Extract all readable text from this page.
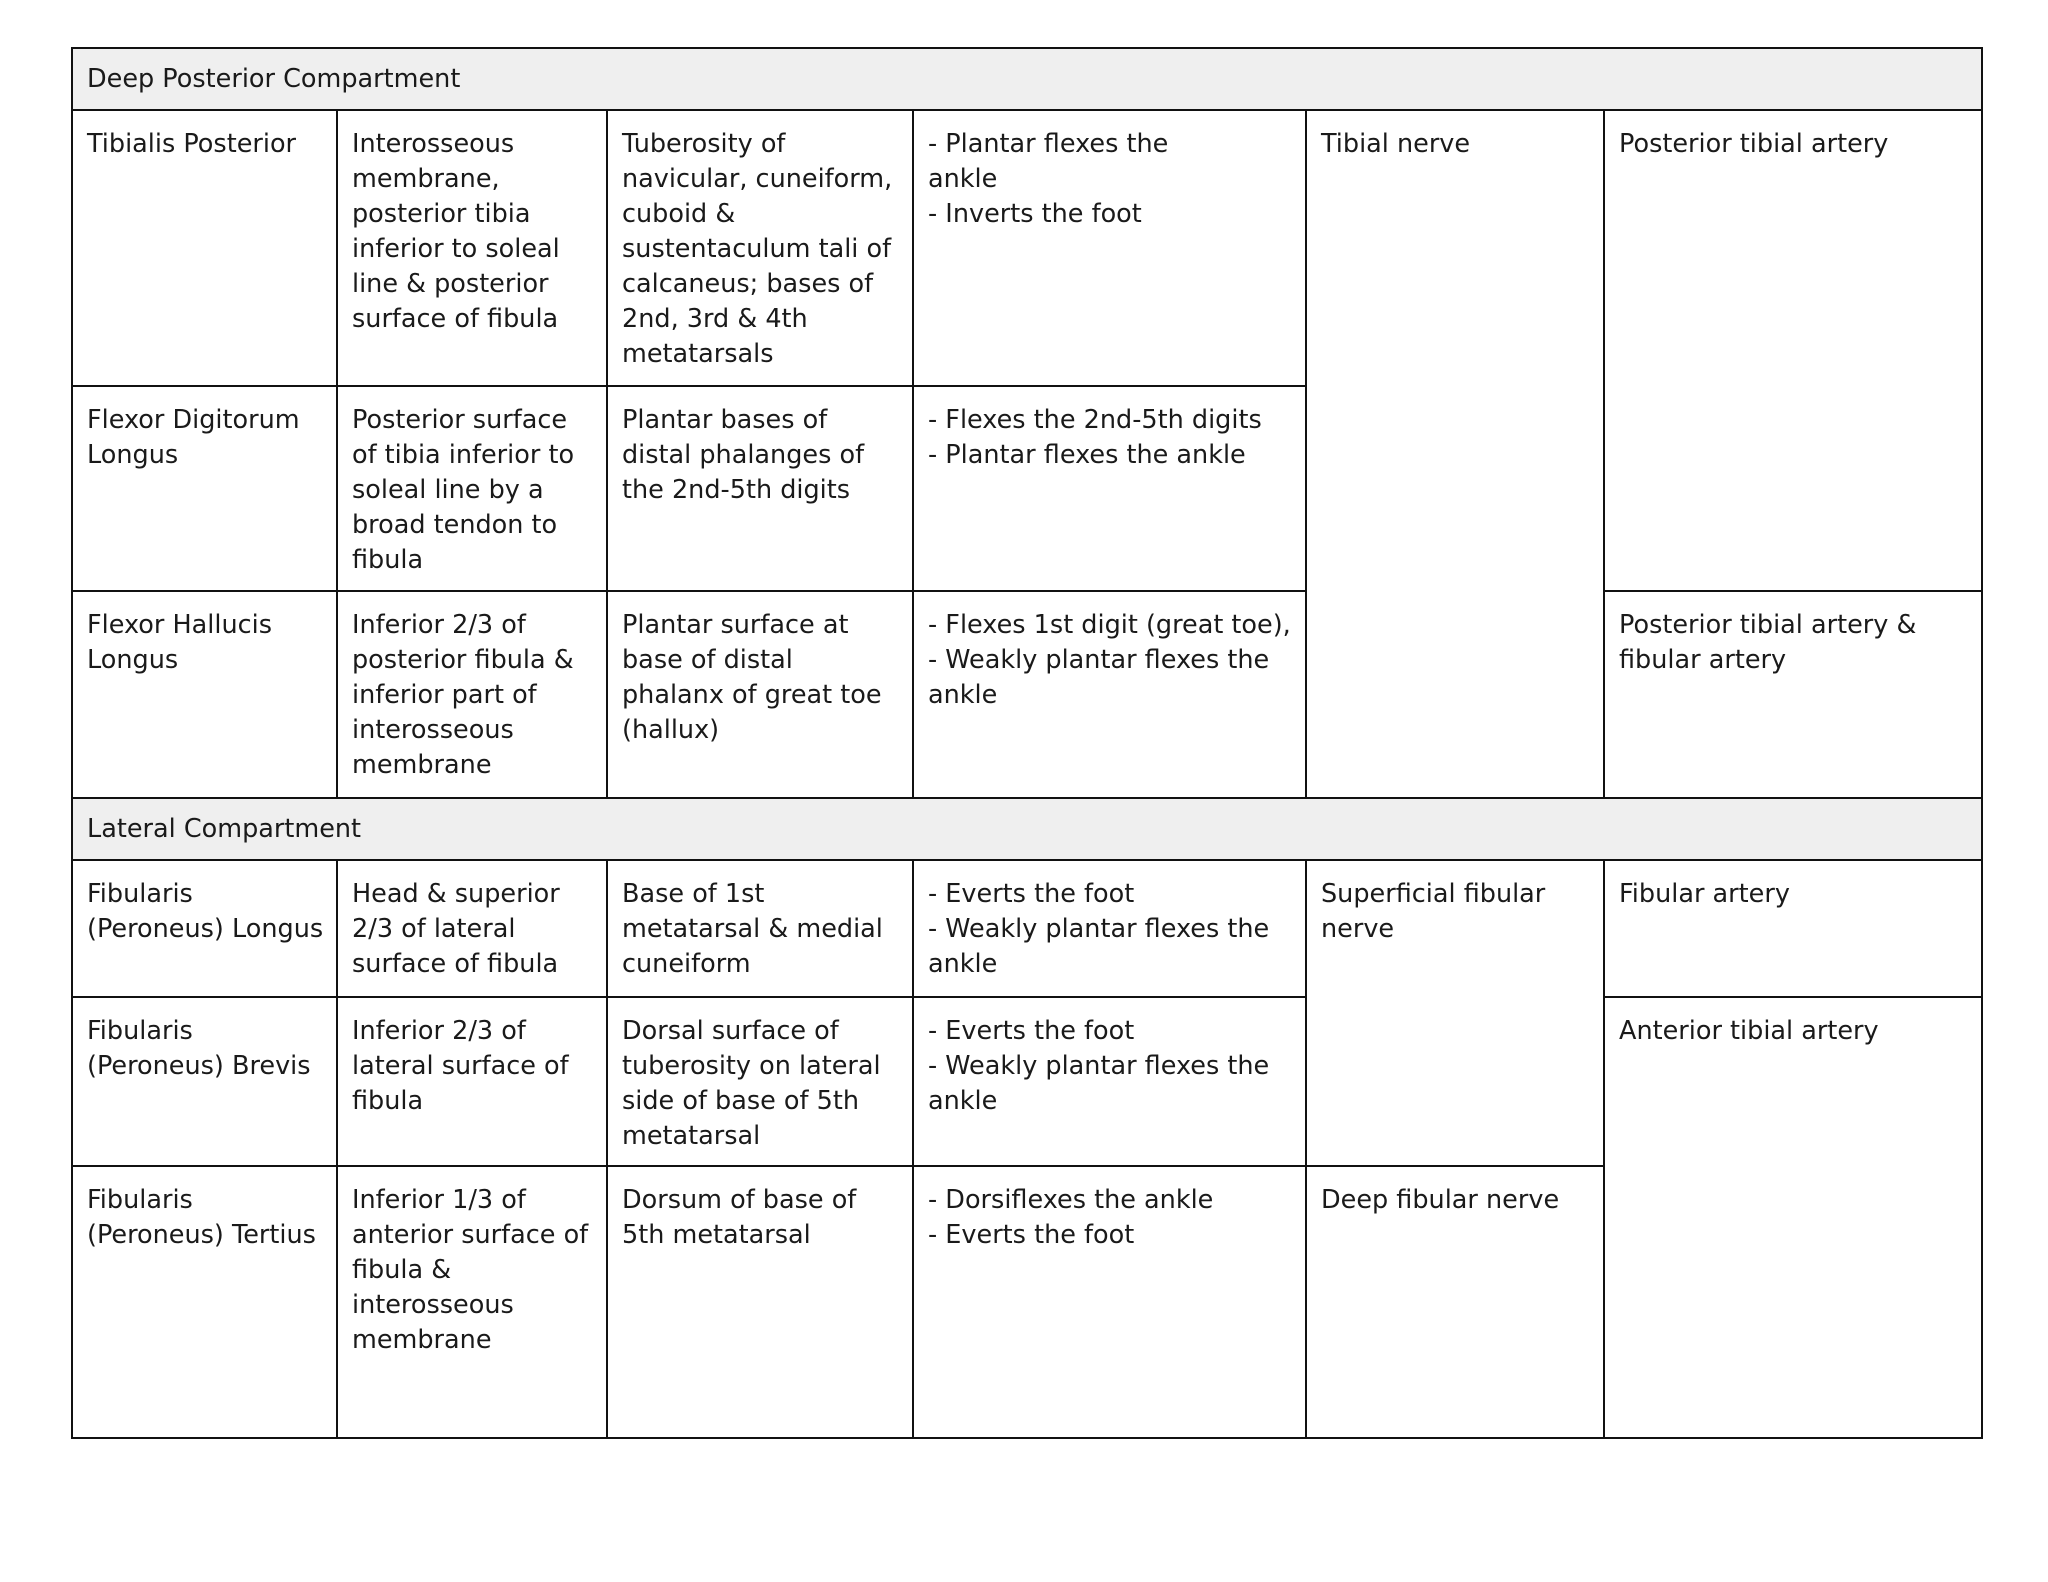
Deep Posterior Compartment					
Tibialis Posterior	Interosseous membrane, posterior tibia inferior to soleal line & posterior surface of fibula	Tuberosity of navicular, cuneiform, cuboid & sustentaculum tali of calcaneus; bases of 2nd, 3rd & 4th metatarsals	- Plantar flexes the
ankle
- Inverts the foot	Tibial nerve	Posterior tibial artery
Flexor Digitorum Longus	Posterior surface of tibia inferior to soleal line by a broad tendon to fibula	Plantar bases of distal phalanges of the 2nd-5th digits	- Flexes the 2nd-5th digits
- Plantar flexes the ankle		
Flexor Hallucis Longus	Inferior 2/3 of posterior fibula & inferior part of interosseous membrane	Plantar surface at base of distal phalanx of great toe (hallux)	- Flexes 1st digit (great toe),
- Weakly plantar flexes the ankle		Posterior tibial artery & fibular artery
Lateral Compartment					
Fibularis (Peroneus) Longus	Head & superior 2/3 of lateral surface of fibula	Base of 1st metatarsal & medial cuneiform	- Everts the foot
- Weakly plantar flexes the ankle	Superficial fibular nerve	Fibular artery
Fibularis (Peroneus) Brevis	Inferior 2/3 of lateral surface of fibula	Dorsal surface of tuberosity on lateral side of base of 5th metatarsal	- Everts the foot
- Weakly plantar flexes the ankle		Anterior tibial artery
Fibularis (Peroneus) Tertius	Inferior 1/3 of anterior surface of fibula & interosseous membrane	Dorsum of base of 5th metatarsal	- Dorsiflexes the ankle
- Everts the foot	Deep fibular nerve	
